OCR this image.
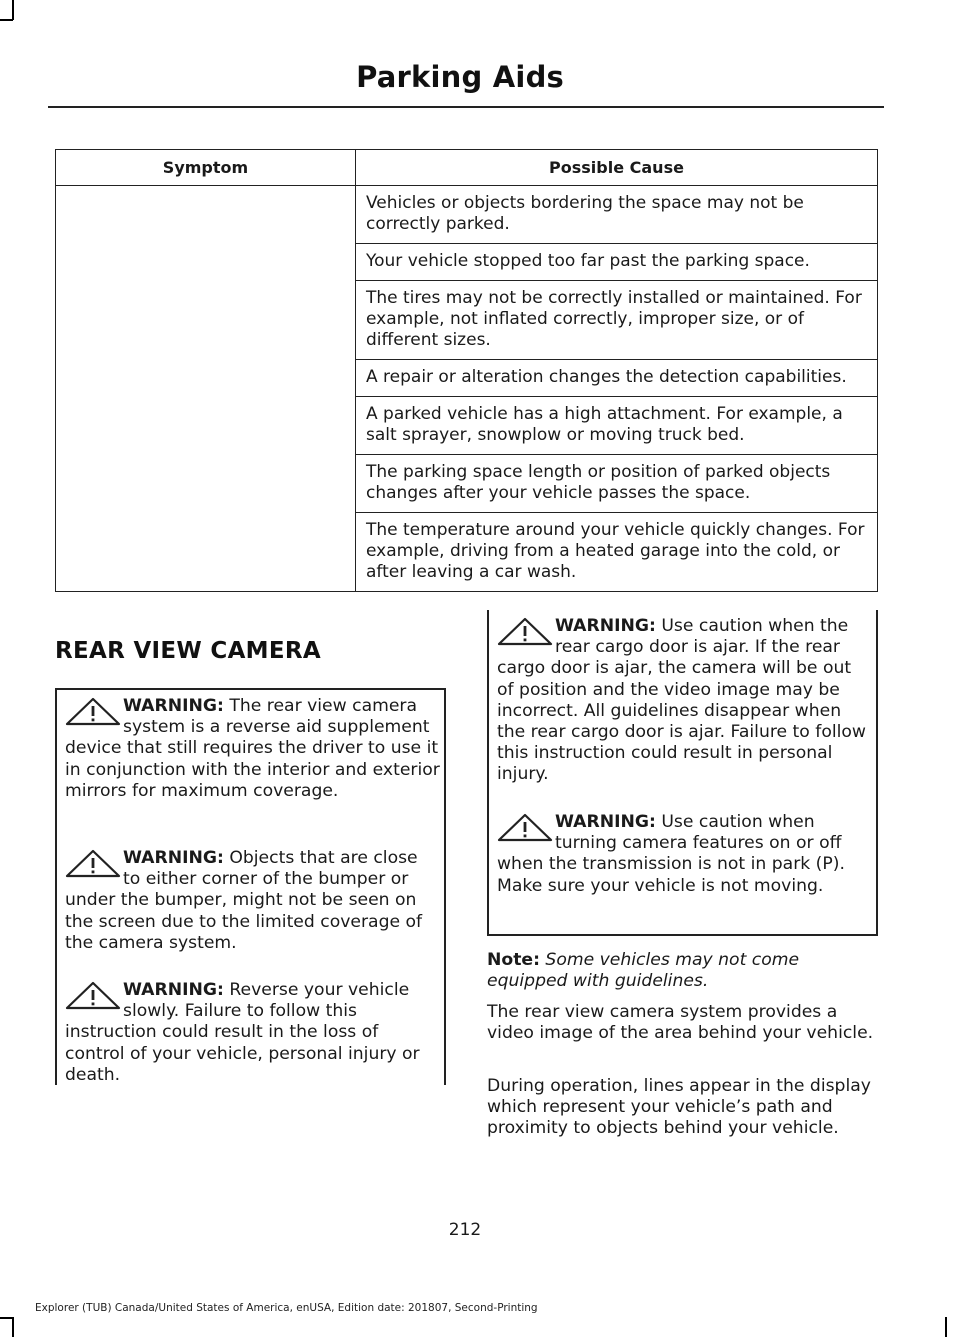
Parking Aids
Symptom	Possible Cause
	Vehicles or objects bordering the space may not be correctly parked.
	Your vehicle stopped too far past the parking space.
	The tires may not be correctly installed or maintained. For example, not inflated correctly, improper size, or of different sizes.
	A repair or alteration changes the detection capabilities.
	A parked vehicle has a high attachment. For example, a salt sprayer, snowplow or moving truck bed.
	The parking space length or position of parked objects changes after your vehicle passes the space.
	The temperature around your vehicle quickly changes. For example, driving from a heated garage into the cold, or after leaving a car wash.
REAR VIEW CAMERA
WARNING: The rear view camera system is a reverse aid supplement device that still requires the driver to use it in conjunction with the interior and exterior mirrors for maximum coverage.
WARNING: Objects that are close to either corner of the bumper or under the bumper, might not be seen on the screen due to the limited coverage of the camera system.
WARNING: Reverse your vehicle slowly. Failure to follow this instruction could result in the loss of control of your vehicle, personal injury or death.
WARNING: Use caution when the rear cargo door is ajar. If the rear cargo door is ajar, the camera will be out of position and the video image may be incorrect. All guidelines disappear when the rear cargo door is ajar. Failure to follow this instruction could result in personal injury.
WARNING: Use caution when turning camera features on or off when the transmission is not in park (P). Make sure your vehicle is not moving.
Note: Some vehicles may not come equipped with guidelines.
The rear view camera system provides a video image of the area behind your vehicle.
During operation, lines appear in the display which represent your vehicle’s path and proximity to objects behind your vehicle.
212
Explorer (TUB) Canada/United States of America, enUSA, Edition date: 201807, Second-Printing
